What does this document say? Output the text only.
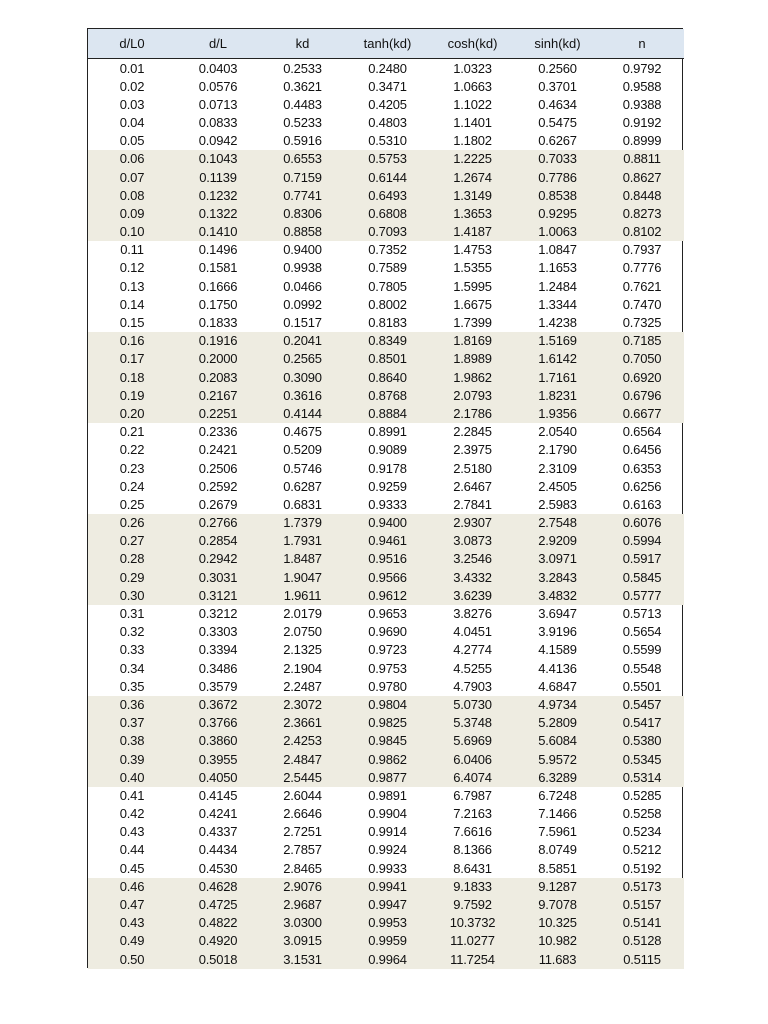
d/L0	d/L	kd	tanh(kd)	cosh(kd)	sinh(kd)	n
0.01	0.0403	0.2533	0.2480	1.0323	0.2560	0.9792
0.02	0.0576	0.3621	0.3471	1.0663	0.3701	0.9588
0.03	0.0713	0.4483	0.4205	1.1022	0.4634	0.9388
0.04	0.0833	0.5233	0.4803	1.1401	0.5475	0.9192
0.05	0.0942	0.5916	0.5310	1.1802	0.6267	0.8999
0.06	0.1043	0.6553	0.5753	1.2225	0.7033	0.8811
0.07	0.1139	0.7159	0.6144	1.2674	0.7786	0.8627
0.08	0.1232	0.7741	0.6493	1.3149	0.8538	0.8448
0.09	0.1322	0.8306	0.6808	1.3653	0.9295	0.8273
0.10	0.1410	0.8858	0.7093	1.4187	1.0063	0.8102
0.11	0.1496	0.9400	0.7352	1.4753	1.0847	0.7937
0.12	0.1581	0.9938	0.7589	1.5355	1.1653	0.7776
0.13	0.1666	0.0466	0.7805	1.5995	1.2484	0.7621
0.14	0.1750	0.0992	0.8002	1.6675	1.3344	0.7470
0.15	0.1833	0.1517	0.8183	1.7399	1.4238	0.7325
0.16	0.1916	0.2041	0.8349	1.8169	1.5169	0.7185
0.17	0.2000	0.2565	0.8501	1.8989	1.6142	0.7050
0.18	0.2083	0.3090	0.8640	1.9862	1.7161	0.6920
0.19	0.2167	0.3616	0.8768	2.0793	1.8231	0.6796
0.20	0.2251	0.4144	0.8884	2.1786	1.9356	0.6677
0.21	0.2336	0.4675	0.8991	2.2845	2.0540	0.6564
0.22	0.2421	0.5209	0.9089	2.3975	2.1790	0.6456
0.23	0.2506	0.5746	0.9178	2.5180	2.3109	0.6353
0.24	0.2592	0.6287	0.9259	2.6467	2.4505	0.6256
0.25	0.2679	0.6831	0.9333	2.7841	2.5983	0.6163
0.26	0.2766	1.7379	0.9400	2.9307	2.7548	0.6076
0.27	0.2854	1.7931	0.9461	3.0873	2.9209	0.5994
0.28	0.2942	1.8487	0.9516	3.2546	3.0971	0.5917
0.29	0.3031	1.9047	0.9566	3.4332	3.2843	0.5845
0.30	0.3121	1.9611	0.9612	3.6239	3.4832	0.5777
0.31	0.3212	2.0179	0.9653	3.8276	3.6947	0.5713
0.32	0.3303	2.0750	0.9690	4.0451	3.9196	0.5654
0.33	0.3394	2.1325	0.9723	4.2774	4.1589	0.5599
0.34	0.3486	2.1904	0.9753	4.5255	4.4136	0.5548
0.35	0.3579	2.2487	0.9780	4.7903	4.6847	0.5501
0.36	0.3672	2.3072	0.9804	5.0730	4.9734	0.5457
0.37	0.3766	2.3661	0.9825	5.3748	5.2809	0.5417
0.38	0.3860	2.4253	0.9845	5.6969	5.6084	0.5380
0.39	0.3955	2.4847	0.9862	6.0406	5.9572	0.5345
0.40	0.4050	2.5445	0.9877	6.4074	6.3289	0.5314
0.41	0.4145	2.6044	0.9891	6.7987	6.7248	0.5285
0.42	0.4241	2.6646	0.9904	7.2163	7.1466	0.5258
0.43	0.4337	2.7251	0.9914	7.6616	7.5961	0.5234
0.44	0.4434	2.7857	0.9924	8.1366	8.0749	0.5212
0.45	0.4530	2.8465	0.9933	8.6431	8.5851	0.5192
0.46	0.4628	2.9076	0.9941	9.1833	9.1287	0.5173
0.47	0.4725	2.9687	0.9947	9.7592	9.7078	0.5157
0.43	0.4822	3.0300	0.9953	10.3732	10.325	0.5141
0.49	0.4920	3.0915	0.9959	11.0277	10.982	0.5128
0.50	0.5018	3.1531	0.9964	11.7254	11.683	0.5115
